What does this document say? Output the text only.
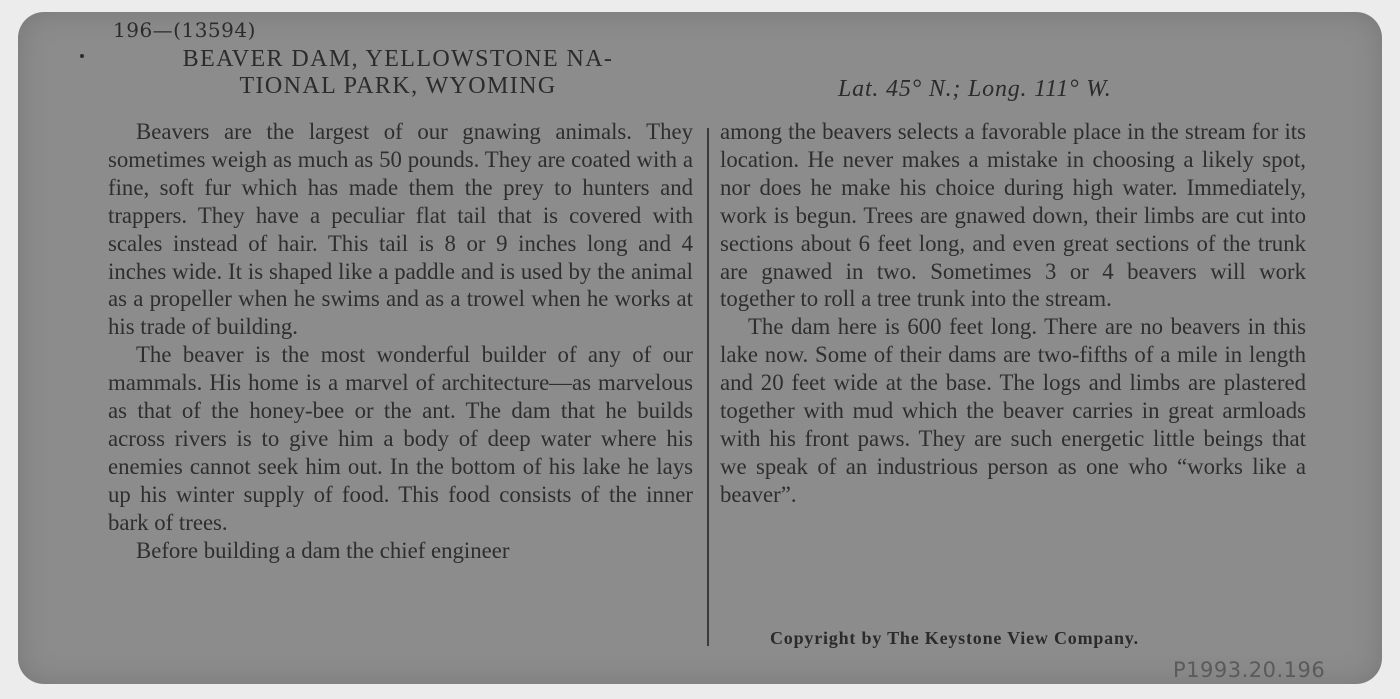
196—(13594)
BEAVER DAM, YELLOWSTONE NA-
TIONAL PARK, WYOMING	Lat. 45° N.; Long. 111° W.

Beavers are the largest of our gnawing animals. They sometimes weigh as much as 50 pounds. They are coated with a fine, soft fur which has made them the prey to hunters and trappers. They have a peculiar flat tail that is covered with scales instead of hair. This tail is 8 or 9 inches long and 4 inches wide. It is shaped like a paddle and is used by the animal as a propeller when he swims and as a trowel when he works at his trade of building.

The beaver is the most wonderful builder of any of our mammals. His home is a marvel of architecture—as marvelous as that of the honey-bee or the ant. The dam that he builds across rivers is to give him a body of deep water where his enemies cannot seek him out. In the bottom of his lake he lays up his winter supply of food. This food consists of the inner bark of trees.

Before building a dam the chief engineer

among the beavers selects a favorable place in the stream for its location. He never makes a mistake in choosing a likely spot, nor does he make his choice during high water. Immediately, work is begun. Trees are gnawed down, their limbs are cut into sections about 6 feet long, and even great sections of the trunk are gnawed in two. Sometimes 3 or 4 beavers will work together to roll a tree trunk into the stream.

The dam here is 600 feet long. There are no beavers in this lake now. Some of their dams are two-fifths of a mile in length and 20 feet wide at the base. The logs and limbs are plastered together with mud which the beaver carries in great armloads with his front paws. They are such energetic little beings that we speak of an industrious person as one who “works like a beaver”.

Copyright by The Keystone View Company.
P1993.20.196
